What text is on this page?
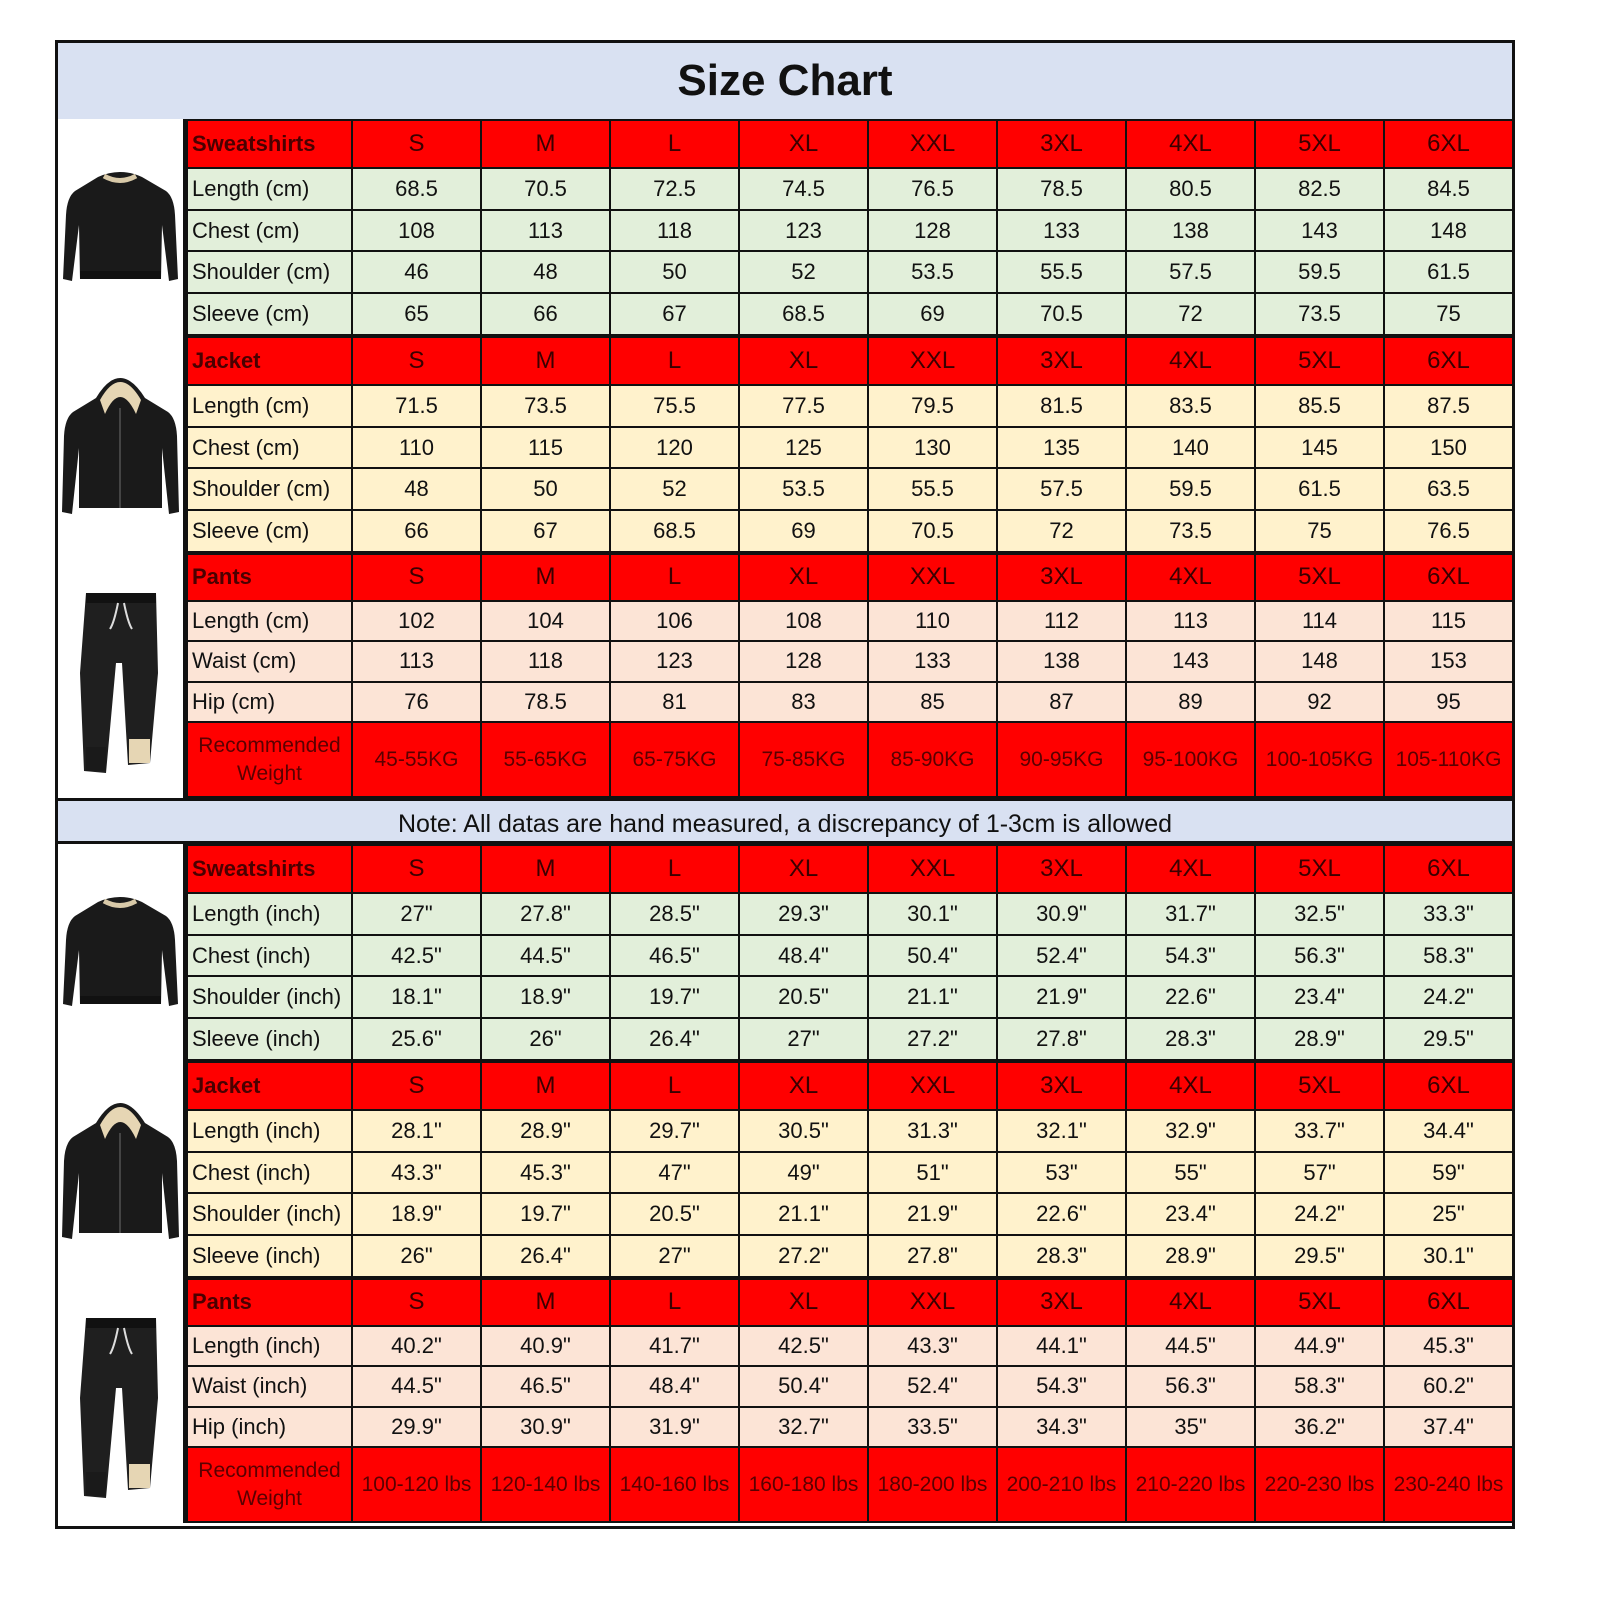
Size Chart
Note: All datas are hand measured, a discrepancy of 1-3cm is allowed
Sweatshirts	S	M	L	XL	XXL	3XL	4XL	5XL	6XL
Length (cm)	68.5	70.5	72.5	74.5	76.5	78.5	80.5	82.5	84.5
Chest (cm)	108	113	118	123	128	133	138	143	148
Shoulder (cm)	46	48	50	52	53.5	55.5	57.5	59.5	61.5
Sleeve (cm)	65	66	67	68.5	69	70.5	72	73.5	75
Jacket	S	M	L	XL	XXL	3XL	4XL	5XL	6XL
Length (cm)	71.5	73.5	75.5	77.5	79.5	81.5	83.5	85.5	87.5
Chest (cm)	110	115	120	125	130	135	140	145	150
Shoulder (cm)	48	50	52	53.5	55.5	57.5	59.5	61.5	63.5
Sleeve (cm)	66	67	68.5	69	70.5	72	73.5	75	76.5
Pants	S	M	L	XL	XXL	3XL	4XL	5XL	6XL
Length (cm)	102	104	106	108	110	112	113	114	115
Waist (cm)	113	118	123	128	133	138	143	148	153
Hip (cm)	76	78.5	81	83	85	87	89	92	95
Recommended Weight	45-55KG	55-65KG	65-75KG	75-85KG	85-90KG	90-95KG	95-100KG	100-105KG	105-110KG
Sweatshirts	S	M	L	XL	XXL	3XL	4XL	5XL	6XL
Length (inch)	27"	27.8"	28.5"	29.3"	30.1"	30.9"	31.7"	32.5"	33.3"
Chest (inch)	42.5"	44.5"	46.5"	48.4"	50.4"	52.4"	54.3"	56.3"	58.3"
Shoulder (inch)	18.1"	18.9"	19.7"	20.5"	21.1"	21.9"	22.6"	23.4"	24.2"
Sleeve (inch)	25.6"	26"	26.4"	27"	27.2"	27.8"	28.3"	28.9"	29.5"
Jacket	S	M	L	XL	XXL	3XL	4XL	5XL	6XL
Length (inch)	28.1"	28.9"	29.7"	30.5"	31.3"	32.1"	32.9"	33.7"	34.4"
Chest (inch)	43.3"	45.3"	47"	49"	51"	53"	55"	57"	59"
Shoulder (inch)	18.9"	19.7"	20.5"	21.1"	21.9"	22.6"	23.4"	24.2"	25"
Sleeve (inch)	26"	26.4"	27"	27.2"	27.8"	28.3"	28.9"	29.5"	30.1"
Pants	S	M	L	XL	XXL	3XL	4XL	5XL	6XL
Length (inch)	40.2"	40.9"	41.7"	42.5"	43.3"	44.1"	44.5"	44.9"	45.3"
Waist (inch)	44.5"	46.5"	48.4"	50.4"	52.4"	54.3"	56.3"	58.3"	60.2"
Hip (inch)	29.9"	30.9"	31.9"	32.7"	33.5"	34.3"	35"	36.2"	37.4"
Recommended Weight	100-120 lbs	120-140 lbs	140-160 lbs	160-180 lbs	180-200 lbs	200-210 lbs	210-220 lbs	220-230 lbs	230-240 lbs
